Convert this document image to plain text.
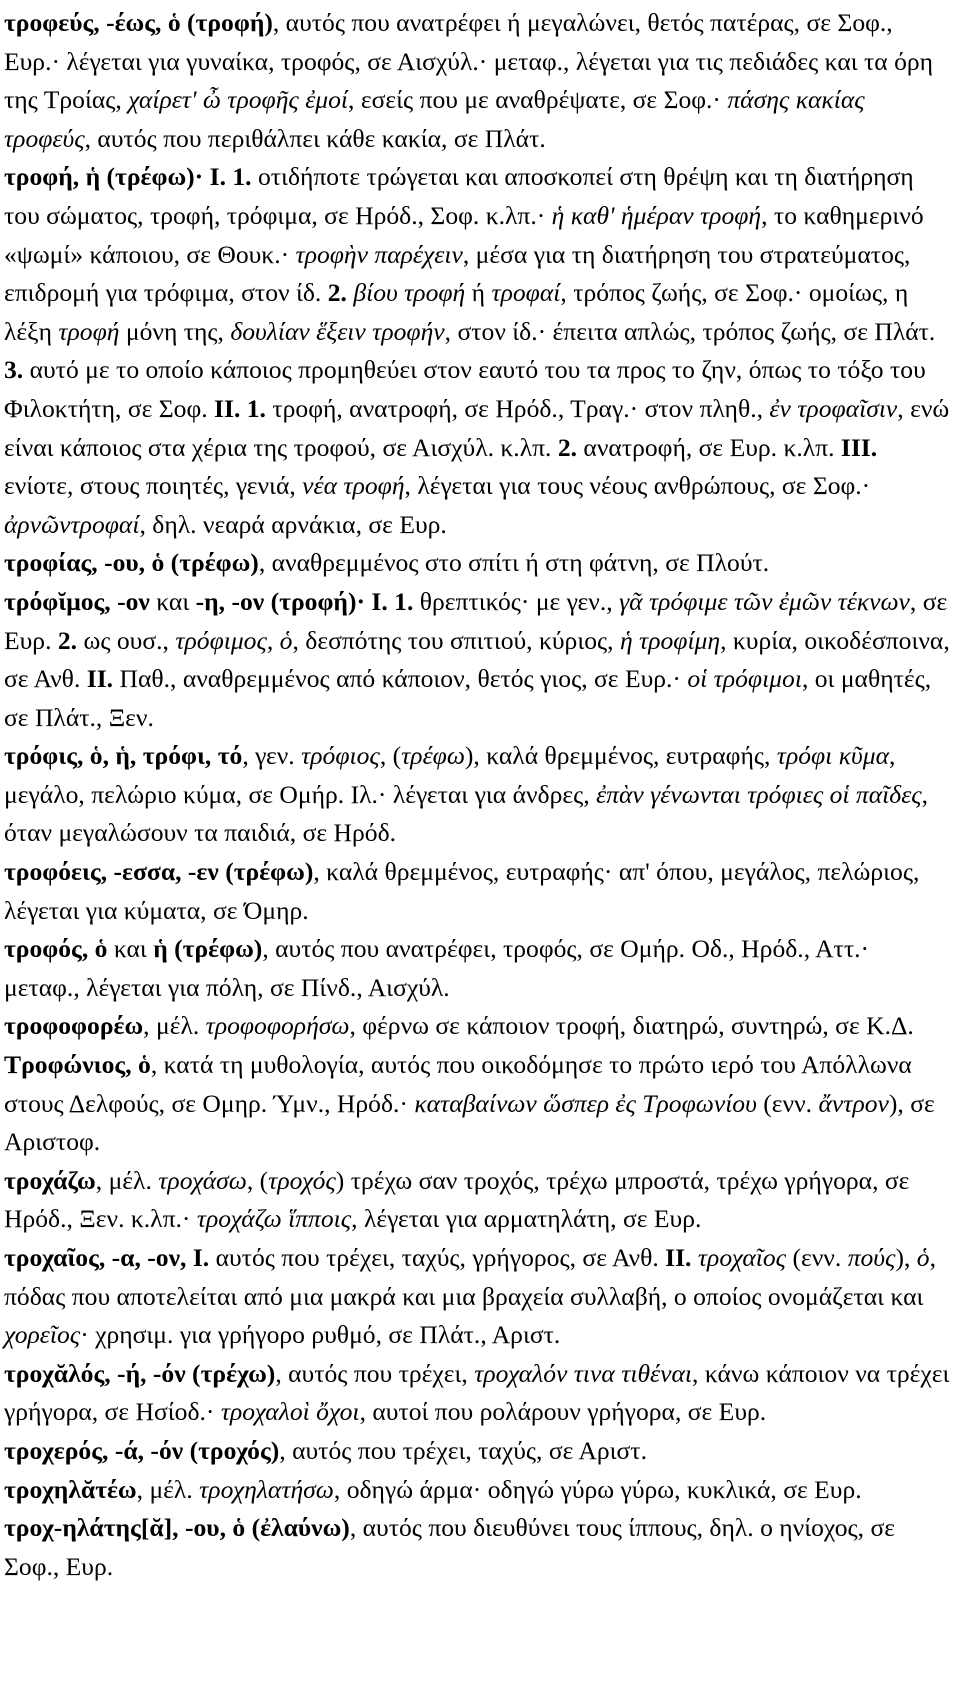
τροφεύς, -έως, ὁ (τροφή), αυτός που ανατρέφει ή μεγαλώνει, θετός πατέρας, σε Σοφ., Ευρ.· λέγεται για γυναίκα, τροφός, σε Αισχύλ.· μεταφ., λέγεται για τις πεδιάδες και τα όρη της Τροίας, χαίρετ' ὦ τροφῆς ἐμοί, εσείς που με αναθρέψατε, σε Σοφ.· πάσης κακίας τροφεύς, αυτός που περιθάλπει κάθε κακία, σε Πλάτ.

τροφή, ἡ (τρέφω)· I. 1. οτιδήποτε τρώγεται και αποσκοπεί στη θρέψη και τη διατήρηση του σώματος, τροφή, τρόφιμα, σε Ηρόδ., Σοφ. κ.λπ.· ἡ καθ' ἡμέραν τροφή, το καθημερινό «ψωμί» κάποιου, σε Θουκ.· τροφὴν παρέχειν, μέσα για τη διατήρηση του στρατεύματος, επιδρομή για τρόφιμα, στον ίδ. 2. βίου τροφή ή τροφαί, τρόπος ζωής, σε Σοφ.· ομοίως, η λέξη τροφή μόνη της, δουλίαν ἕξειν τροφήν, στον ίδ.· έπειτα απλώς, τρόπος ζωής, σε Πλάτ. 3. αυτό με το οποίο κάποιος προμηθεύει στον εαυτό του τα προς το ζην, όπως το τόξο του Φιλοκτήτη, σε Σοφ. II. 1. τροφή, ανατροφή, σε Ηρόδ., Τραγ.· στον πληθ., ἐν τροφαῖσιν, ενώ είναι κάποιος στα χέρια της τροφού, σε Αισχύλ. κ.λπ. 2. ανατροφή, σε Ευρ. κ.λπ. III. ενίοτε, στους ποιητές, γενιά, νέα τροφή, λέγεται για τους νέους ανθρώπους, σε Σοφ.· ἀρνῶντροφαί, δηλ. νεαρά αρνάκια, σε Ευρ.

τροφίας, -ου, ὁ (τρέφω), αναθρεμμένος στο σπίτι ή στη φάτνη, σε Πλούτ.

τρόφῐμος, -ον και -η, -ον (τροφή)· I. 1. θρεπτικός· με γεν., γᾶ τρόφιμε τῶν ἐμῶν τέκνων, σε Ευρ. 2. ως ουσ., τρόφιμος, ὁ, δεσπότης του σπιτιού, κύριος, ἡ τροφίμη, κυρία, οικοδέσποινα, σε Ανθ. II. Παθ., αναθρεμμένος από κάποιον, θετός γιος, σε Ευρ.· οἱ τρόφιμοι, οι μαθητές, σε Πλάτ., Ξεν.

τρόφις, ὁ, ἡ, τρόφι, τό, γεν. τρόφιος, (τρέφω), καλά θρεμμένος, ευτραφής, τρόφι κῦμα, μεγάλο, πελώριο κύμα, σε Ομήρ. Ιλ.· λέγεται για άνδρες, ἐπὰν γένωνται τρόφιες οἱ παῖδες, όταν μεγαλώσουν τα παιδιά, σε Ηρόδ.

τροφόεις, -εσσα, -εν (τρέφω), καλά θρεμμένος, ευτραφής· απ' όπου, μεγάλος, πελώριος, λέγεται για κύματα, σε Όμηρ.

τροφός, ὁ και ἡ (τρέφω), αυτός που ανατρέφει, τροφός, σε Ομήρ. Οδ., Ηρόδ., Αττ.· μεταφ., λέγεται για πόλη, σε Πίνδ., Αισχύλ.

τροφοφορέω, μέλ. τροφοφορήσω, φέρνω σε κάποιον τροφή, διατηρώ, συντηρώ, σε Κ.Δ.

Τροφώνιος, ὁ, κατά τη μυθολογία, αυτός που οικοδόμησε το πρώτο ιερό του Απόλλωνα στους Δελφούς, σε Ομηρ. Ύμν., Ηρόδ.· καταβαίνων ὥσπερ ἐς Τροφωνίου (ενν. ἄντρον), σε Αριστοφ.

τροχάζω, μέλ. τροχάσω, (τροχός) τρέχω σαν τροχός, τρέχω μπροστά, τρέχω γρήγορα, σε Ηρόδ., Ξεν. κ.λπ.· τροχάζω ἵπποις, λέγεται για αρματηλάτη, σε Ευρ.

τροχαῖος, -α, -ον, I. αυτός που τρέχει, ταχύς, γρήγορος, σε Ανθ. II. τροχαῖος (ενν. πούς), ὁ, πόδας που αποτελείται από μια μακρά και μια βραχεία συλλαβή, ο οποίος ονομάζεται και χορεῖος· χρησιμ. για γρήγορο ρυθμό, σε Πλάτ., Αριστ.

τροχᾰλός, -ή, -όν (τρέχω), αυτός που τρέχει, τροχαλόν τινα τιθέναι, κάνω κάποιον να τρέχει γρήγορα, σε Ησίοδ.· τροχαλοὶ ὄχοι, αυτοί που ρολάρουν γρήγορα, σε Ευρ.

τροχερός, -ά, -όν (τροχός), αυτός που τρέχει, ταχύς, σε Αριστ.

τροχηλᾰτέω, μέλ. τροχηλατήσω, οδηγώ άρμα· οδηγώ γύρω γύρω, κυκλικά, σε Ευρ.

τροχ-ηλάτης[ᾰ], -ου, ὁ (ἐλαύνω), αυτός που διευθύνει τους ίππους, δηλ. ο ηνίοχος, σε Σοφ., Ευρ.
